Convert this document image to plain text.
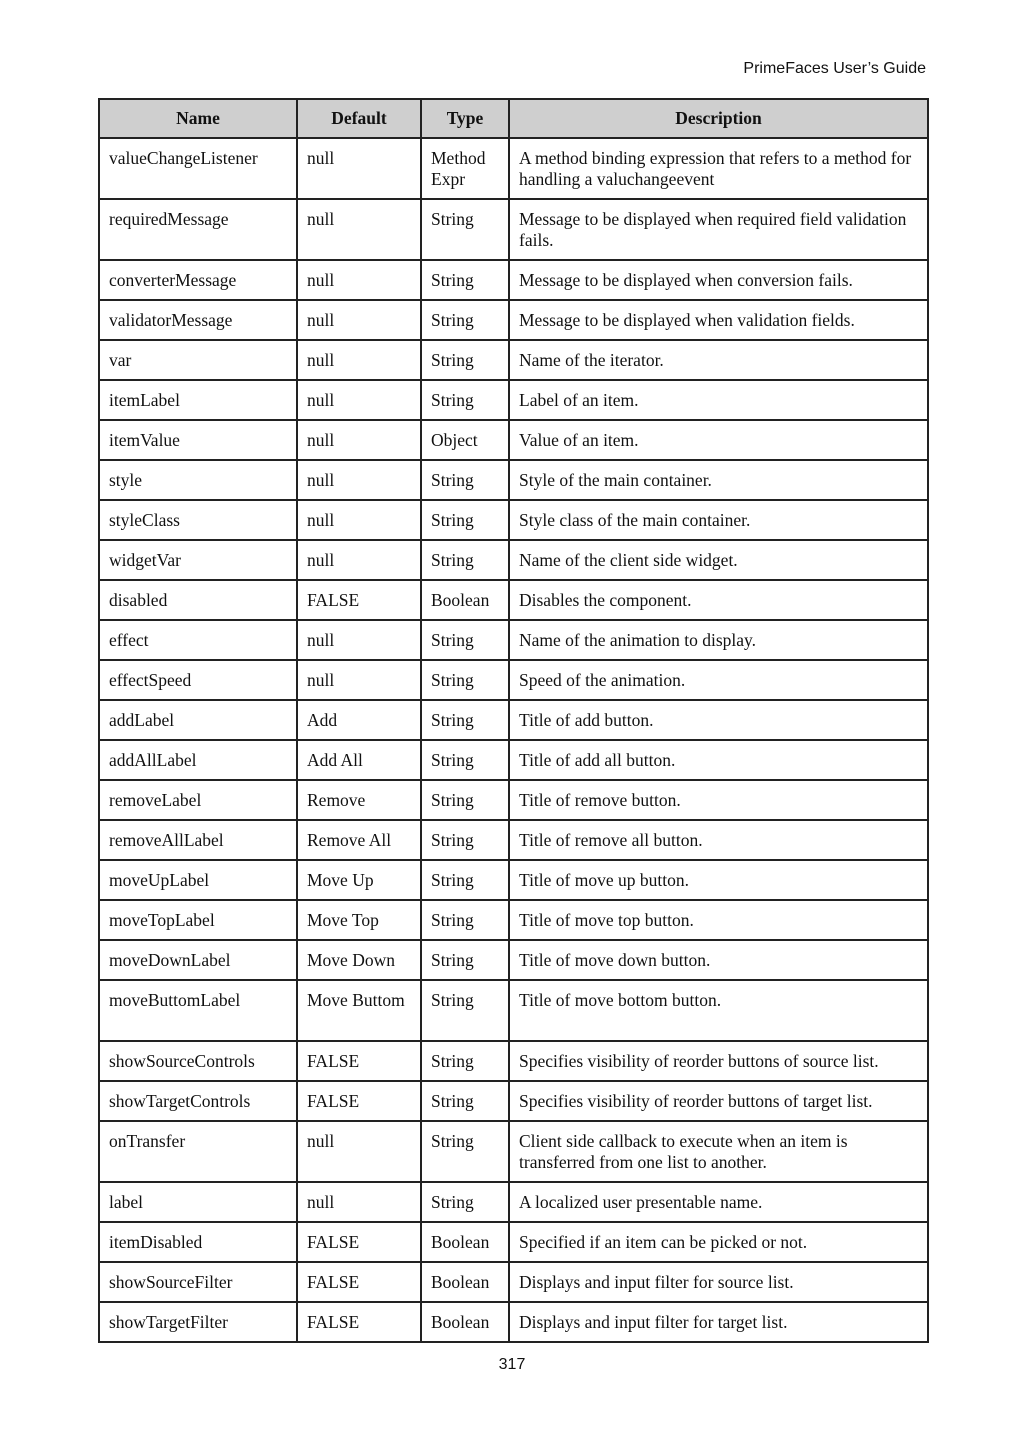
PrimeFaces User’s Guide
Name	Default	Type	Description
valueChangeListener	null	Method Expr	A method binding expression that refers to a method for handling a valuchangeevent
requiredMessage	null	String	Message to be displayed when required field validation fails.
converterMessage	null	String	Message to be displayed when conversion fails.
validatorMessage	null	String	Message to be displayed when validation fields.
var	null	String	Name of the iterator.
itemLabel	null	String	Label of an item.
itemValue	null	Object	Value of an item.
style	null	String	Style of the main container.
styleClass	null	String	Style class of the main container.
widgetVar	null	String	Name of the client side widget.
disabled	FALSE	Boolean	Disables the component.
effect	null	String	Name of the animation to display.
effectSpeed	null	String	Speed of the animation.
addLabel	Add	String	Title of add button.
addAllLabel	Add All	String	Title of add all button.
removeLabel	Remove	String	Title of remove button.
removeAllLabel	Remove All	String	Title of remove all button.
moveUpLabel	Move Up	String	Title of move up button.
moveTopLabel	Move Top	String	Title of move top button.
moveDownLabel	Move Down	String	Title of move down button.
moveButtomLabel	Move Buttom	String	Title of move bottom button.
showSourceControls	FALSE	String	Specifies visibility of reorder buttons of source list.
showTargetControls	FALSE	String	Specifies visibility of reorder buttons of target list.
onTransfer	null	String	Client side callback to execute when an item is transferred from one list to another.
label	null	String	A localized user presentable name.
itemDisabled	FALSE	Boolean	Specified if an item can be picked or not.
showSourceFilter	FALSE	Boolean	Displays and input filter for source list.
showTargetFilter	FALSE	Boolean	Displays and input filter for target list.
317
